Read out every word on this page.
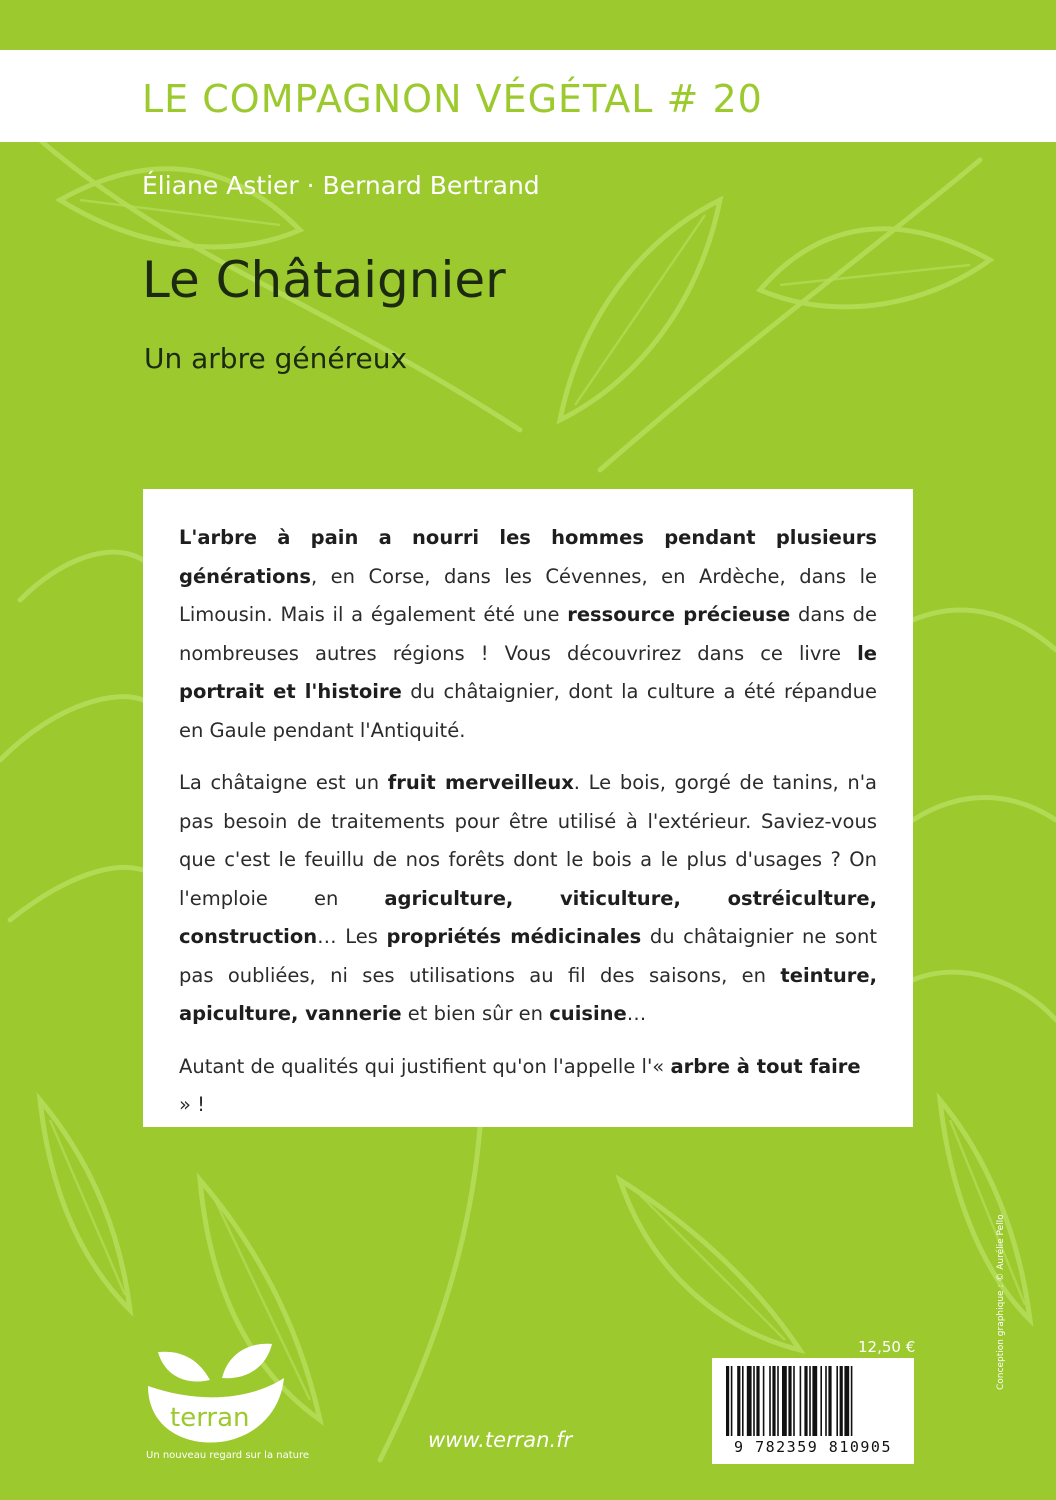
LE COMPAGNON VÉGÉTAL # 20
Éliane Astier · Bernard Bertrand
Le Châtaignier
Un arbre généreux

L'arbre à pain a nourri les hommes pendant plusieurs générations, en Corse, dans les Cévennes, en Ardèche, dans le Limousin. Mais il a également été une ressource précieuse dans de nombreuses autres régions ! Vous découvrirez dans ce livre le portrait et l'histoire du châtaignier, dont la culture a été répandue en Gaule pendant l'Antiquité.

La châtaigne est un fruit merveilleux. Le bois, gorgé de tanins, n'a pas besoin de traitements pour être utilisé à l'extérieur. Saviez-vous que c'est le feuillu de nos forêts dont le bois a le plus d'usages ? On l'emploie en agriculture, viticulture, ostréiculture, construction… Les propriétés médicinales du châtaignier ne sont pas oubliées, ni ses utilisations au fil des saisons, en teinture, apiculture, vannerie et bien sûr en cuisine…

Autant de qualités qui justifient qu'on l'appelle l'« arbre à tout faire » !

terran
Un nouveau regard sur la nature
www.terran.fr
12,50 €
9 782359 810905
Conception graphique : © Aurélie Pello
